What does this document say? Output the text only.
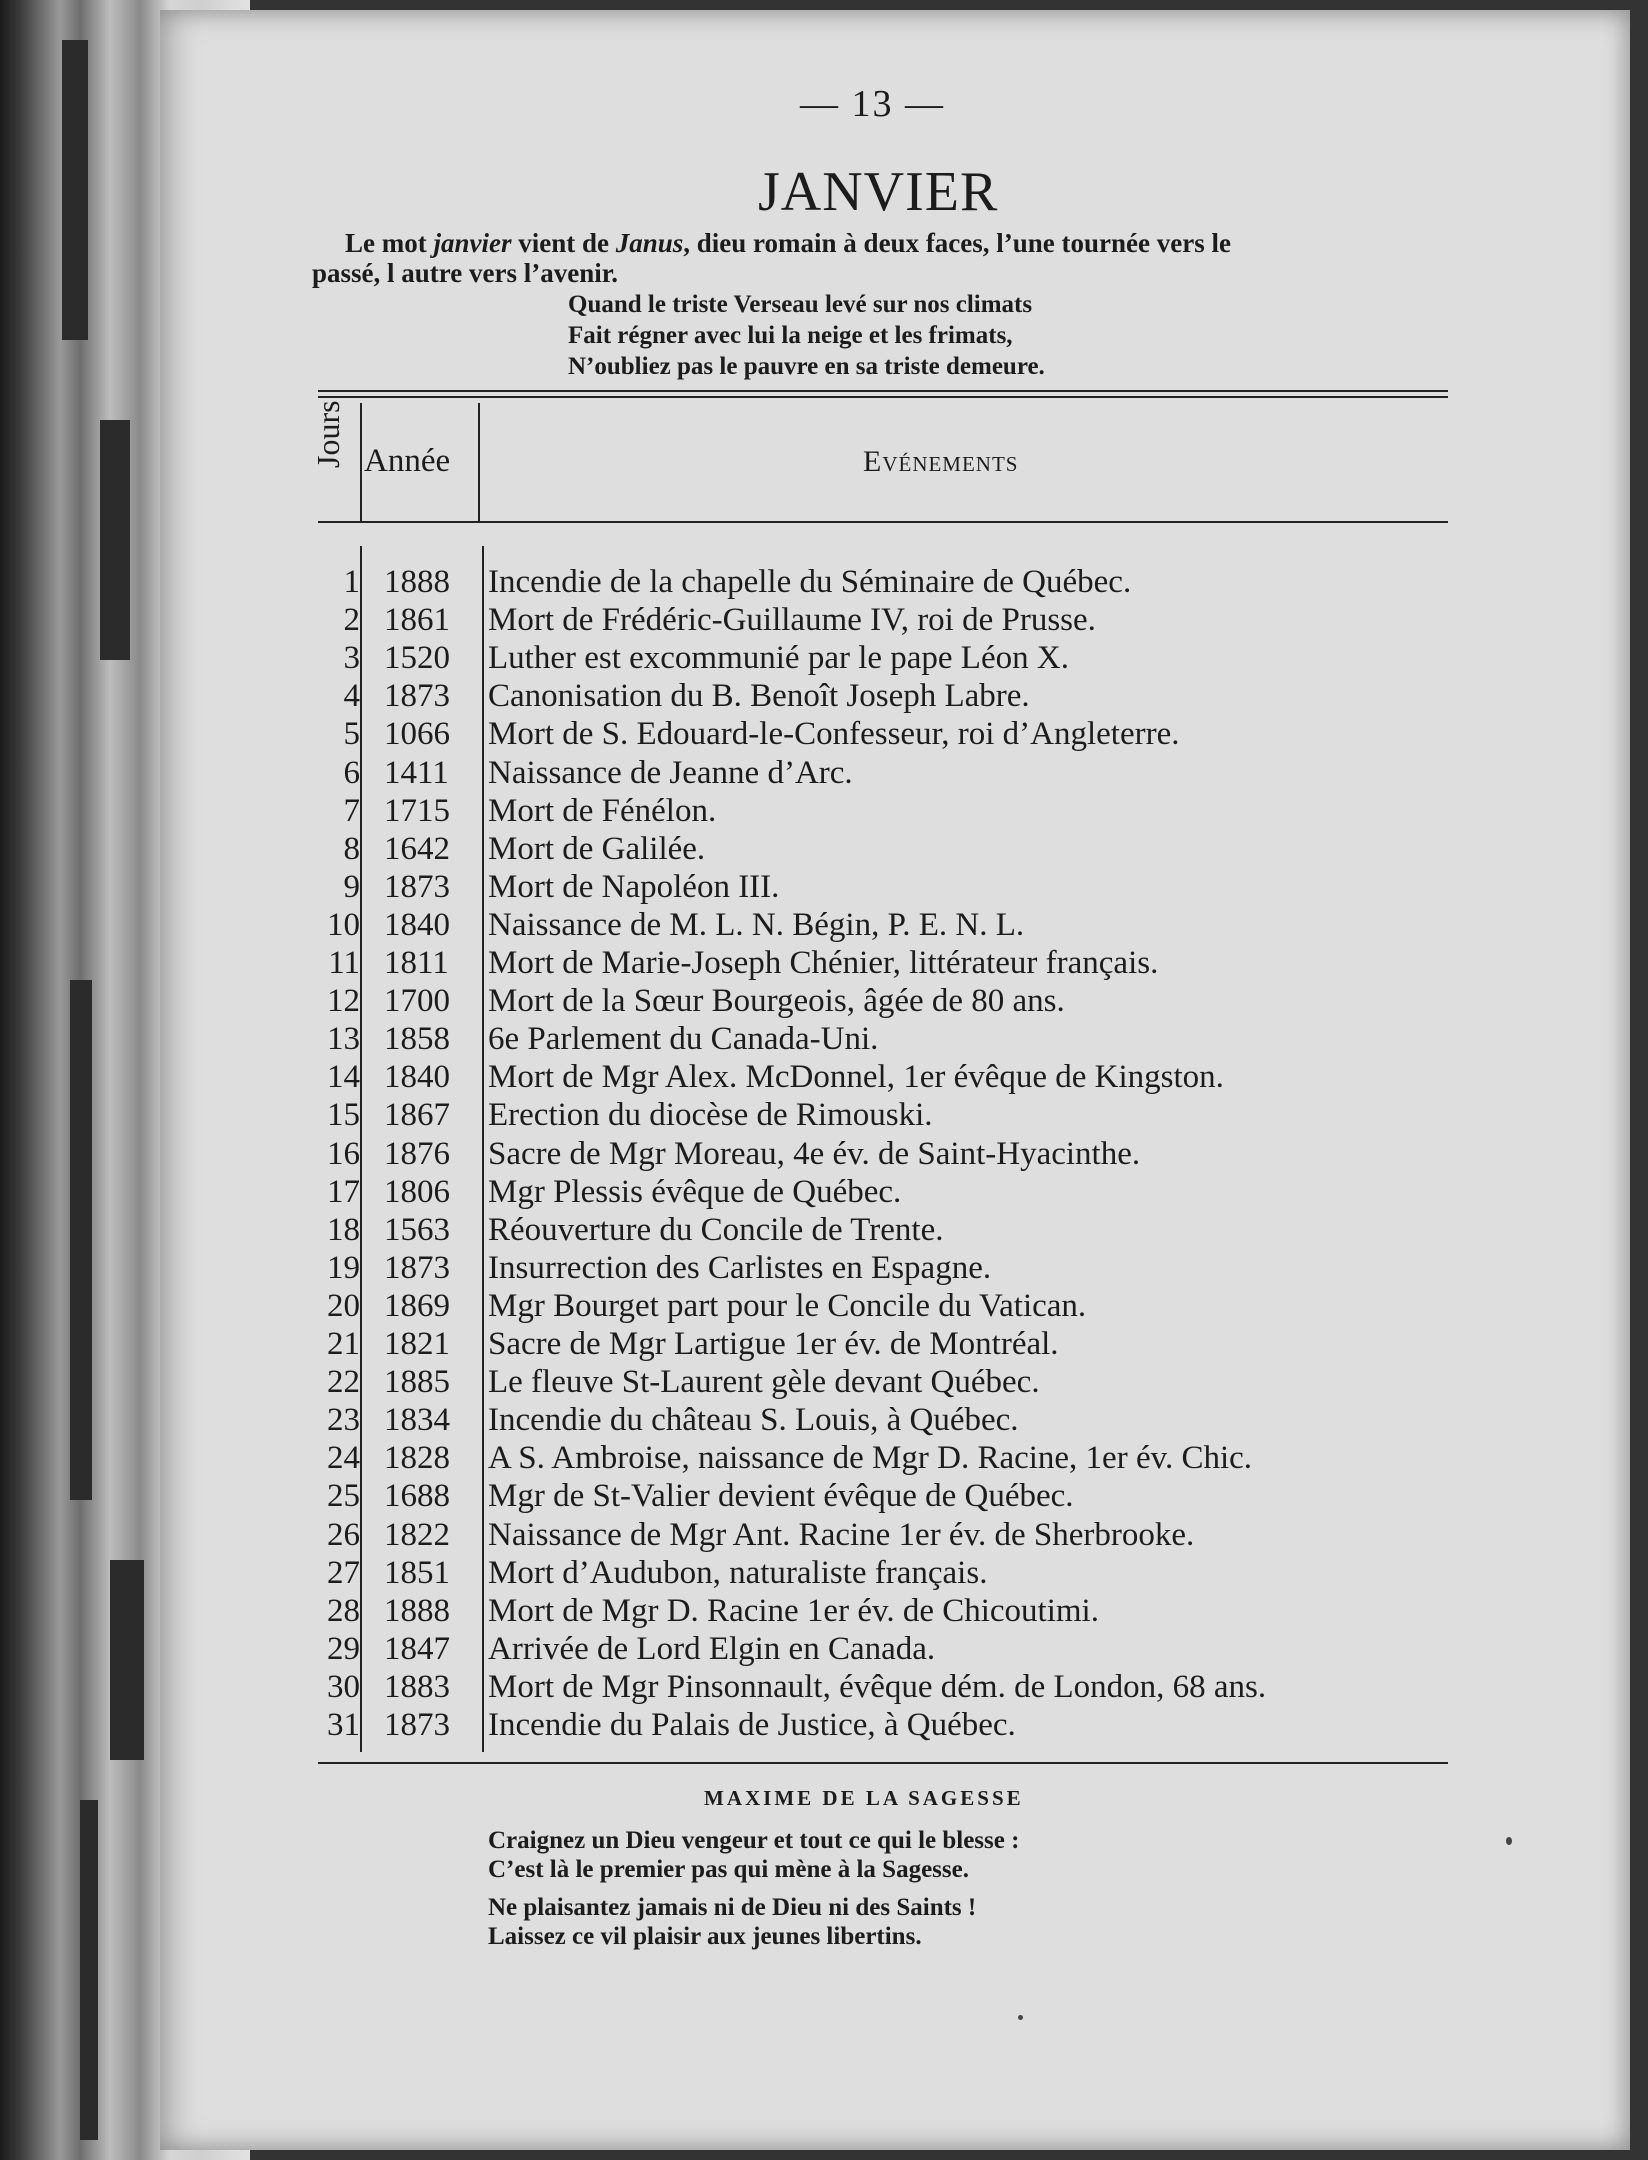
— 13 —
JANVIER
Le mot janvier vient de Janus, dieu romain à deux faces, l’une tournée vers le
passé, l autre vers l’avenir.
Quand le triste Verseau levé sur nos climats
Fait régner avec lui la neige et les frimats,
N’oubliez pas le pauvre en sa triste demeure.
Jours Année	Evénements
1 1888	Incendie de la chapelle du Séminaire de Québec.
2 1861	Mort de Frédéric-Guillaume IV, roi de Prusse.
3 1520	Luther est excommunié par le pape Léon X.
4 1873	Canonisation du B. Benoît Joseph Labre.
5 1066	Mort de S. Edouard-le-Confesseur, roi d’Angleterre.
6 1411	Naissance de Jeanne d’Arc.
7 1715	Mort de Fénélon.
8 1642	Mort de Galilée.
9 1873	Mort de Napoléon III.
10 1840	Naissance de M. L. N. Bégin, P. E. N. L.
11 1811	Mort de Marie-Joseph Chénier, littérateur français.
12 1700	Mort de la Sœur Bourgeois, âgée de 80 ans.
13 1858	6e Parlement du Canada-Uni.
14 1840	Mort de Mgr Alex. McDonnel, 1er évêque de Kingston.
15 1867	Erection du diocèse de Rimouski.
16 1876	Sacre de Mgr Moreau, 4e év. de Saint-Hyacinthe.
17 1806	Mgr Plessis évêque de Québec.
18 1563	Réouverture du Concile de Trente.
19 1873	Insurrection des Carlistes en Espagne.
20 1869	Mgr Bourget part pour le Concile du Vatican.
21 1821	Sacre de Mgr Lartigue 1er év. de Montréal.
22 1885	Le fleuve St-Laurent gèle devant Québec.
23 1834	Incendie du château S. Louis, à Québec.
24 1828	A S. Ambroise, naissance de Mgr D. Racine, 1er év. Chic.
25 1688	Mgr de St-Valier devient évêque de Québec.
26 1822	Naissance de Mgr Ant. Racine 1er év. de Sherbrooke.
27 1851	Mort d’Audubon, naturaliste français.
28 1888	Mort de Mgr D. Racine 1er év. de Chicoutimi.
29 1847	Arrivée de Lord Elgin en Canada.
30 1883	Mort de Mgr Pinsonnault, évêque dém. de London, 68 ans.
31 1873	Incendie du Palais de Justice, à Québec.
MAXIME DE LA SAGESSE
Craignez un Dieu vengeur et tout ce qui le blesse :
C’est là le premier pas qui mène à la Sagesse.
Ne plaisantez jamais ni de Dieu ni des Saints !
Laissez ce vil plaisir aux jeunes libertins.
